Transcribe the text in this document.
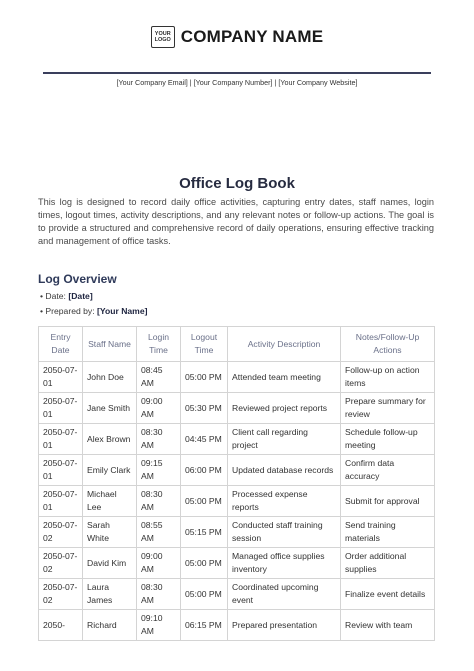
YOUR
LOGO COMPANY NAME
[Your Company Email] | [Your Company Number] | [Your Company Website]
Office Log Book

This log is designed to record daily office activities, capturing entry dates, staff names, login times, logout times, activity descriptions, and any relevant notes or follow-up actions. The goal is to provide a structured and comprehensive record of daily operations, ensuring effective tracking and management of office tasks.

Log Overview
• Date: [Date]
• Prepared by: [Your Name]
Entry Date	Staff Name	Login Time	Logout Time	Activity Description	Notes/Follow-Up Actions
2050-07-01	John Doe	08:45 AM	05:00 PM	Attended team meeting	Follow-up on action items
2050-07-01	Jane Smith	09:00 AM	05:30 PM	Reviewed project reports	Prepare summary for review
2050-07-01	Alex Brown	08:30 AM	04:45 PM	Client call regarding project	Schedule follow-up meeting
2050-07-01	Emily Clark	09:15 AM	06:00 PM	Updated database records	Confirm data accuracy
2050-07-01	Michael Lee	08:30 AM	05:00 PM	Processed expense reports	Submit for approval
2050-07-02	Sarah White	08:55 AM	05:15 PM	Conducted staff training session	Send training materials
2050-07-02	David Kim	09:00 AM	05:00 PM	Managed office supplies inventory	Order additional supplies
2050-07-02	Laura James	08:30 AM	05:00 PM	Coordinated upcoming event	Finalize event details
2050-	Richard	09:10 AM	06:15 PM	Prepared presentation	Review with team
